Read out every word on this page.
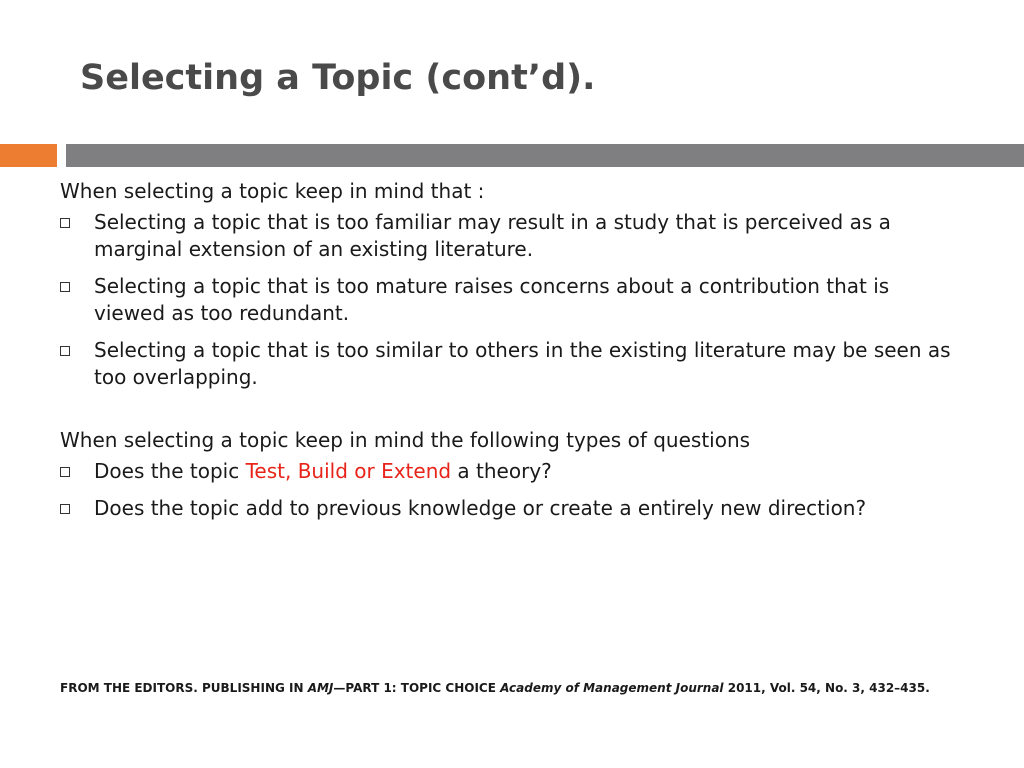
Selecting a Topic (cont’d).

When selecting a topic keep in mind that :

Selecting a topic that is too familiar may result in a study that is perceived as a marginal extension of an existing literature.
Selecting a topic that is too mature raises concerns about a contribution that is viewed as too redundant.
Selecting a topic that is too similar to others in the existing literature may be seen as too overlapping.

When selecting a topic keep in mind the following types of questions

Does the topic Test, Build or Extend a theory?
Does the topic add to previous knowledge or create a entirely new direction?
FROM THE EDITORS. PUBLISHING IN AMJ—PART 1: TOPIC CHOICE Academy of Management Journal 2011, Vol. 54, No. 3, 432–435.
